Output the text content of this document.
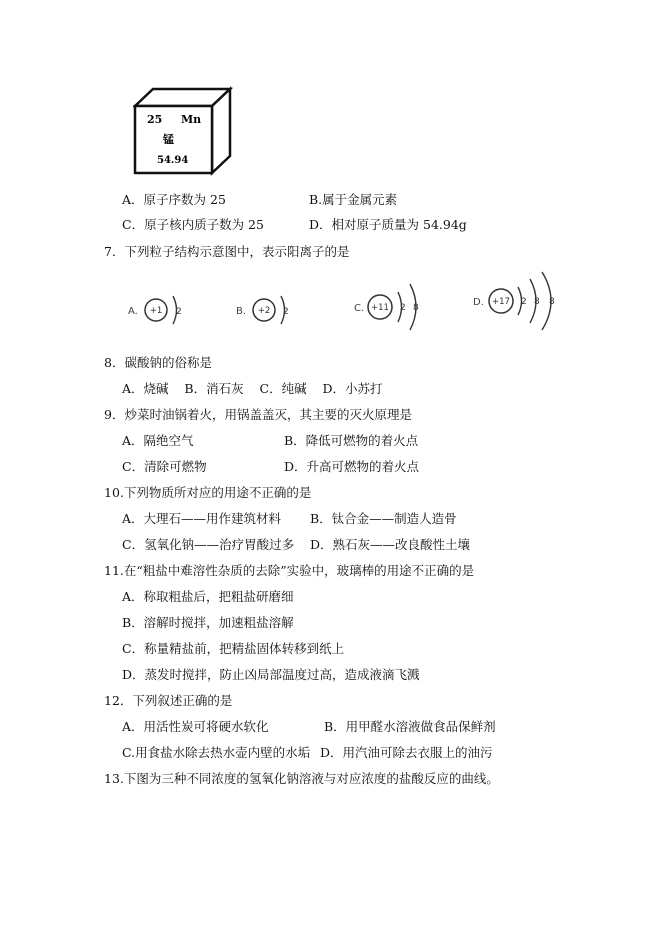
25 Mn
锰
54.94
A．原子序数为 25	B.属于金属元素
C．原子核内质子数为 25	D．相对原子质量为 54.94g
7．下列粒子结构示意图中，表示阳离子的是
A. +1 2	B. +2 2	C. +11 2 8	D. +17 2 8 8
8．碳酸钠的俗称是
A．烧碱    B．消石灰    C．纯碱    D．小苏打
9．炒菜时油锅着火，用锅盖盖灭，其主要的灭火原理是
A．隔绝空气	B．降低可燃物的着火点
C．清除可燃物	D．升高可燃物的着火点
10.下列物质所对应的用途不正确的是
A．大理石——用作建筑材料 B．钛合金——制造人造骨
C．氢氧化钠——治疗胃酸过多 D．熟石灰——改良酸性土壤
11.在“粗盐中难溶性杂质的去除”实验中，玻璃棒的用途不正确的是
A．称取粗盐后，把粗盐研磨细
B．溶解时搅拌，加速粗盐溶解
C．称量精盐前，把精盐固体转移到纸上
D．蒸发时搅拌，防止凶局部温度过高，造成液滴飞溅
12．下列叙述正确的是
A．用活性炭可将硬水软化	B．用甲醛水溶液做食品保鲜剂
C.用食盐水除去热水壶内壁的水垢 D．用汽油可除去衣服上的油污
13.下图为三种不同浓度的氢氧化钠溶液与对应浓度的盐酸反应的曲线。
